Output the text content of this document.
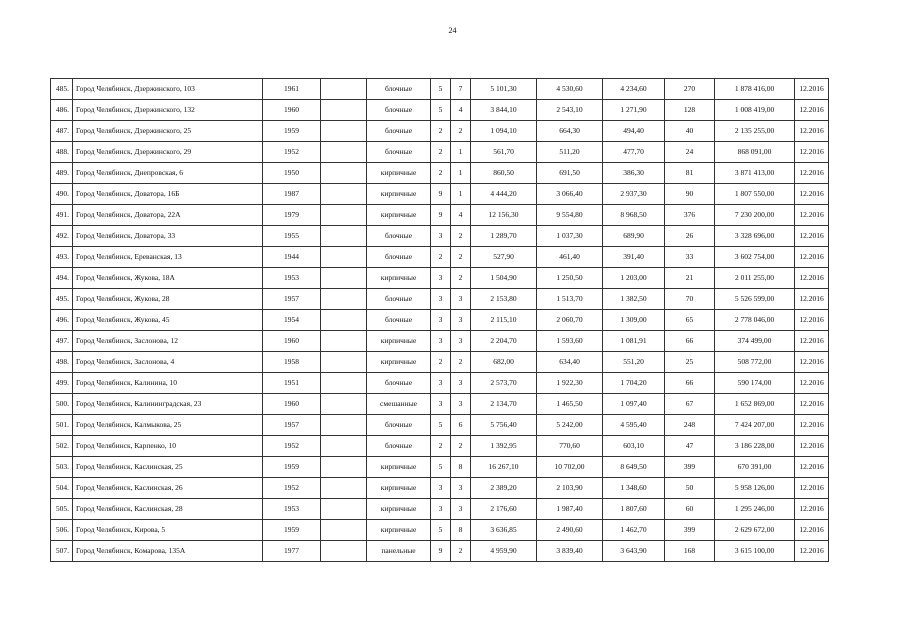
24
485.	Город Челябинск, Дзержинского, 103	1961		блочные	5	7	5 101,30	4 530,60	4 234,60	270	1 878 416,00	12.2016
486.	Город Челябинск, Дзержинского, 132	1960		блочные	5	4	3 844,10	2 543,10	1 271,90	128	1 008 419,00	12.2016
487.	Город Челябинск, Дзержинского, 25	1959		блочные	2	2	1 094,10	664,30	494,40	40	2 135 255,00	12.2016
488.	Город Челябинск, Дзержинского, 29	1952		блочные	2	1	561,70	511,20	477,70	24	868 091,00	12.2016
489.	Город Челябинск, Днепровская, 6	1950		кирпичные	2	1	860,50	691,50	386,30	81	3 871 413,00	12.2016
490.	Город Челябинск, Доватора, 16Б	1987		кирпичные	9	1	4 444,20	3 066,40	2 937,30	90	1 807 550,00	12.2016
491.	Город Челябинск, Доватора, 22А	1979		кирпичные	9	4	12 156,30	9 554,80	8 968,50	376	7 230 200,00	12.2016
492.	Город Челябинск, Доватора, 33	1955		блочные	3	2	1 289,70	1 037,30	689,90	26	3 328 696,00	12.2016
493.	Город Челябинск, Ереванская, 13	1944		блочные	2	2	527,90	461,40	391,40	33	3 602 754,00	12.2016
494.	Город Челябинск, Жукова, 18А	1953		кирпичные	3	2	1 504,90	1 250,50	1 203,00	21	2 011 255,00	12.2016
495.	Город Челябинск, Жукова, 28	1957		блочные	3	3	2 153,80	1 513,70	1 382,50	70	5 526 599,00	12.2016
496.	Город Челябинск, Жукова, 45	1954		блочные	3	3	2 115,10	2 060,70	1 309,00	65	2 778 046,00	12.2016
497.	Город Челябинск, Заслонова, 12	1960		кирпичные	3	3	2 204,70	1 593,60	1 081,91	66	374 499,00	12.2016
498.	Город Челябинск, Заслонова, 4	1958		кирпичные	2	2	682,00	634,40	551,20	25	508 772,00	12.2016
499.	Город Челябинск, Калинина, 10	1951		блочные	3	3	2 573,70	1 922,30	1 704,20	66	590 174,00	12.2016
500.	Город Челябинск, Калининградская, 23	1960		смешанные	3	3	2 134,70	1 465,50	1 097,40	67	1 652 869,00	12.2016
501.	Город Челябинск, Калмыкова, 25	1957		блочные	5	6	5 756,40	5 242,00	4 595,40	248	7 424 207,00	12.2016
502.	Город Челябинск, Карпенко, 10	1952		блочные	2	2	1 392,95	770,60	603,10	47	3 186 228,00	12.2016
503.	Город Челябинск, Каслинская, 25	1959		кирпичные	5	8	16 267,10	10 702,00	8 649,50	399	670 391,00	12.2016
504.	Город Челябинск, Каслинская, 26	1952		кирпичные	3	3	2 389,20	2 103,90	1 348,60	50	5 958 126,00	12.2016
505.	Город Челябинск, Каслинская, 28	1953		кирпичные	3	3	2 176,60	1 987,40	1 807,60	60	1 295 246,00	12.2016
506.	Город Челябинск, Кирова, 5	1959		кирпичные	5	8	3 636,85	2 490,60	1 462,70	399	2 629 672,00	12.2016
507.	Город Челябинск, Комарова, 135А	1977		панельные	9	2	4 959,90	3 839,40	3 643,90	168	3 615 100,00	12.2016
